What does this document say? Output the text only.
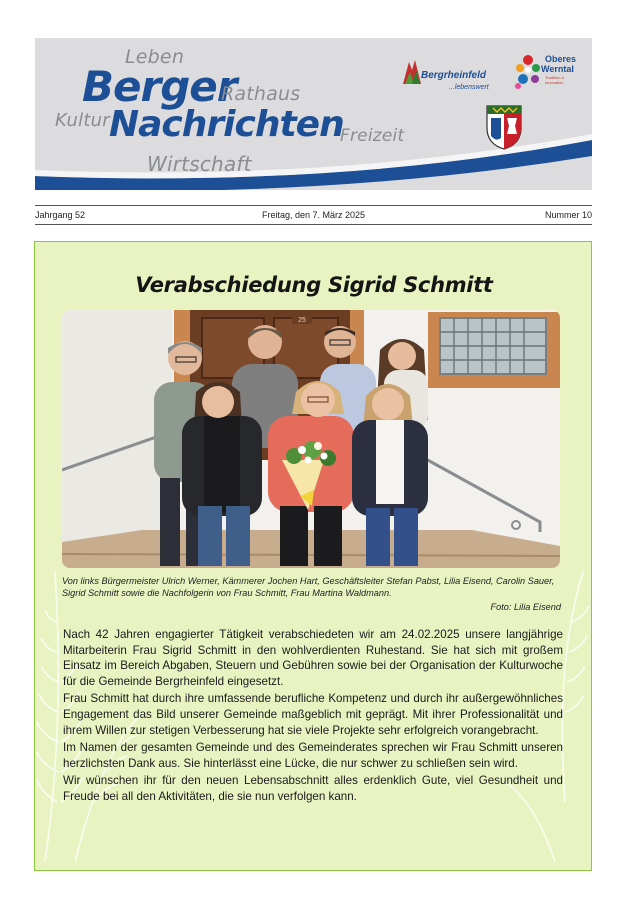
Leben
Berger
Rathaus
Kultur Nachrichten
Freizeit
Wirtschaft
Bergrheinfeld
...lebenswert
Oberes
Werntal
Tradition &
Innovation
Jahrgang 52	Freitag, den 7. März 2025	Nummer 10
Verabschiedung Sigrid Schmitt
25
Von links Bürgermeister Ulrich Werner, Kämmerer Jochen Hart, Geschäftsleiter Stefan Pabst, Lilia Eisend, Carolin Sauer, Sigrid Schmitt sowie die Nachfolgerin von Frau Schmitt, Frau Martina Waldmann.
Foto: Lilia Eisend

Nach 42 Jahren engagierter Tätigkeit verabschiedeten wir am 24.02.2025 unsere langjährige Mitarbeiterin Frau Sigrid Schmitt in den wohlverdienten Ruhestand. Sie hat sich mit großem Einsatz im Bereich Abgaben, Steuern und Gebühren sowie bei der Organisation der Kulturwoche für die Gemeinde Bergrheinfeld eingesetzt.

Frau Schmitt hat durch ihre umfassende berufliche Kompetenz und durch ihr außergewöhnliches Engagement das Bild unserer Gemeinde maßgeblich mit geprägt. Mit ihrer Professionalität und ihrem Willen zur stetigen Verbesserung hat sie viele Projekte sehr erfolgreich vorangebracht.

Im Namen der gesamten Gemeinde und des Gemeinderates sprechen wir Frau Schmitt unseren herzlichsten Dank aus. Sie hinterlässt eine Lücke, die nur schwer zu schließen sein wird.

Wir wünschen ihr für den neuen Lebensabschnitt alles erdenklich Gute, viel Gesundheit und Freude bei all den Aktivitäten, die sie nun verfolgen kann.
